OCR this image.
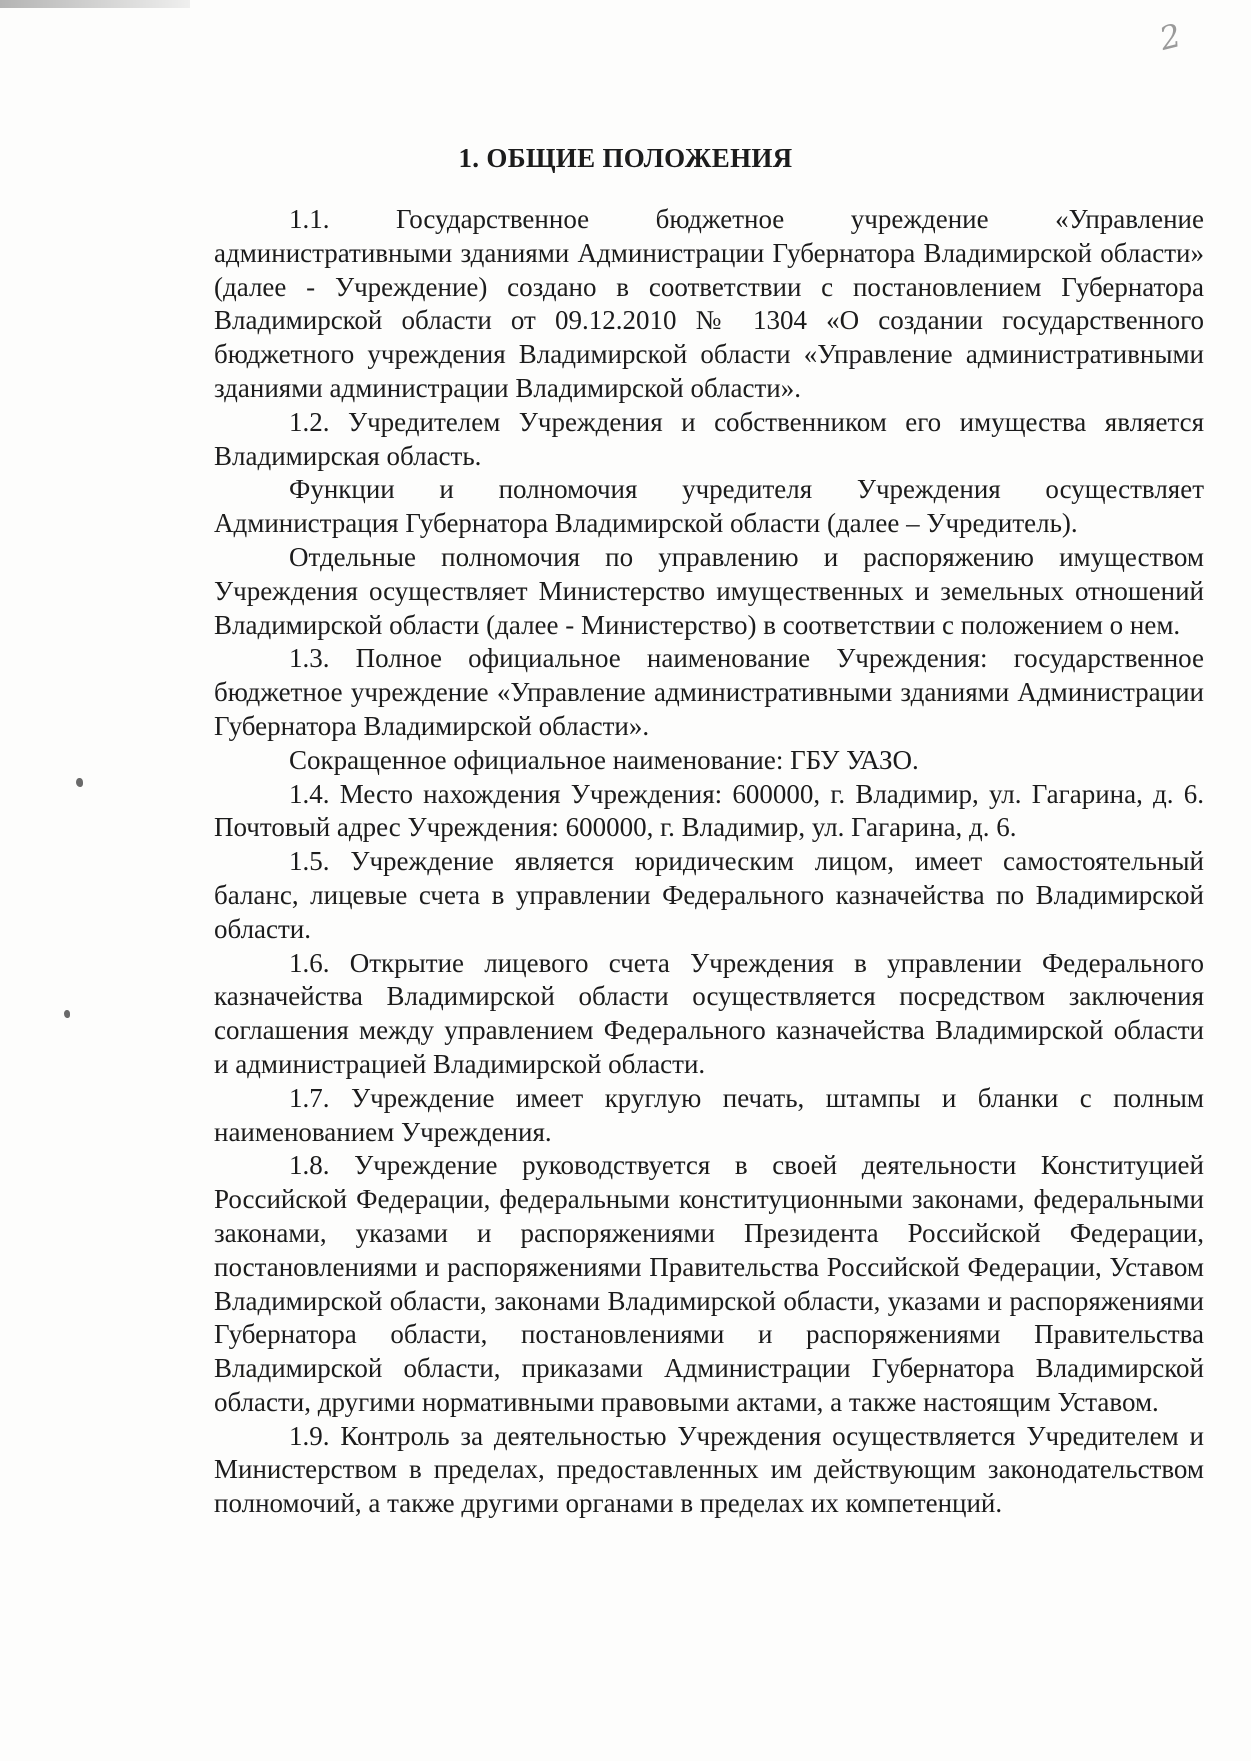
2
1. ОБЩИЕ ПОЛОЖЕНИЯ

1.1. Государственное бюджетное учреждение «Управление административными зданиями Администрации Губернатора Владимирской области» (далее - Учреждение) создано в соответствии с постановлением Губернатора Владимирской области от 09.12.2010 № 1304 «О создании государственного бюджетного учреждения Владимирской области «Управление административными зданиями администрации Владимирской области».

1.2. Учредителем Учреждения и собственником его имущества является Владимирская область.

Функции и полномочия учредителя Учреждения осуществляет Администрация Губернатора Владимирской области (далее – Учредитель).

Отдельные полномочия по управлению и распоряжению имуществом Учреждения осуществляет Министерство имущественных и земельных отношений Владимирской области (далее - Министерство) в соответствии с положением о нем.

1.3. Полное официальное наименование Учреждения: государственное бюджетное учреждение «Управление административными зданиями Администрации Губернатора Владимирской области».

Сокращенное официальное наименование: ГБУ УАЗО.

1.4. Место нахождения Учреждения: 600000, г. Владимир, ул. Гагарина, д. 6. Почтовый адрес Учреждения: 600000, г. Владимир, ул. Гагарина, д. 6.

1.5. Учреждение является юридическим лицом, имеет самостоятельный баланс, лицевые счета в управлении Федерального казначейства по Владимирской области.

1.6. Открытие лицевого счета Учреждения в управлении Федерального казначейства Владимирской области осуществляется посредством заключения соглашения между управлением Федерального казначейства Владимирской области и администрацией Владимирской области.

1.7. Учреждение имеет круглую печать, штампы и бланки с полным наименованием Учреждения.

1.8. Учреждение руководствуется в своей деятельности Конституцией Российской Федерации, федеральными конституционными законами, федеральными законами, указами и распоряжениями Президента Российской Федерации, постановлениями и распоряжениями Правительства Российской Федерации, Уставом Владимирской области, законами Владимирской области, указами и распоряжениями Губернатора области, постановлениями и распоряжениями Правительства Владимирской области, приказами Администрации Губернатора Владимирской области, другими нормативными правовыми актами, а также настоящим Уставом.

1.9. Контроль за деятельностью Учреждения осуществляется Учредителем и Министерством в пределах, предоставленных им действующим законодательством полномочий, а также другими органами в пределах их компетенций.
